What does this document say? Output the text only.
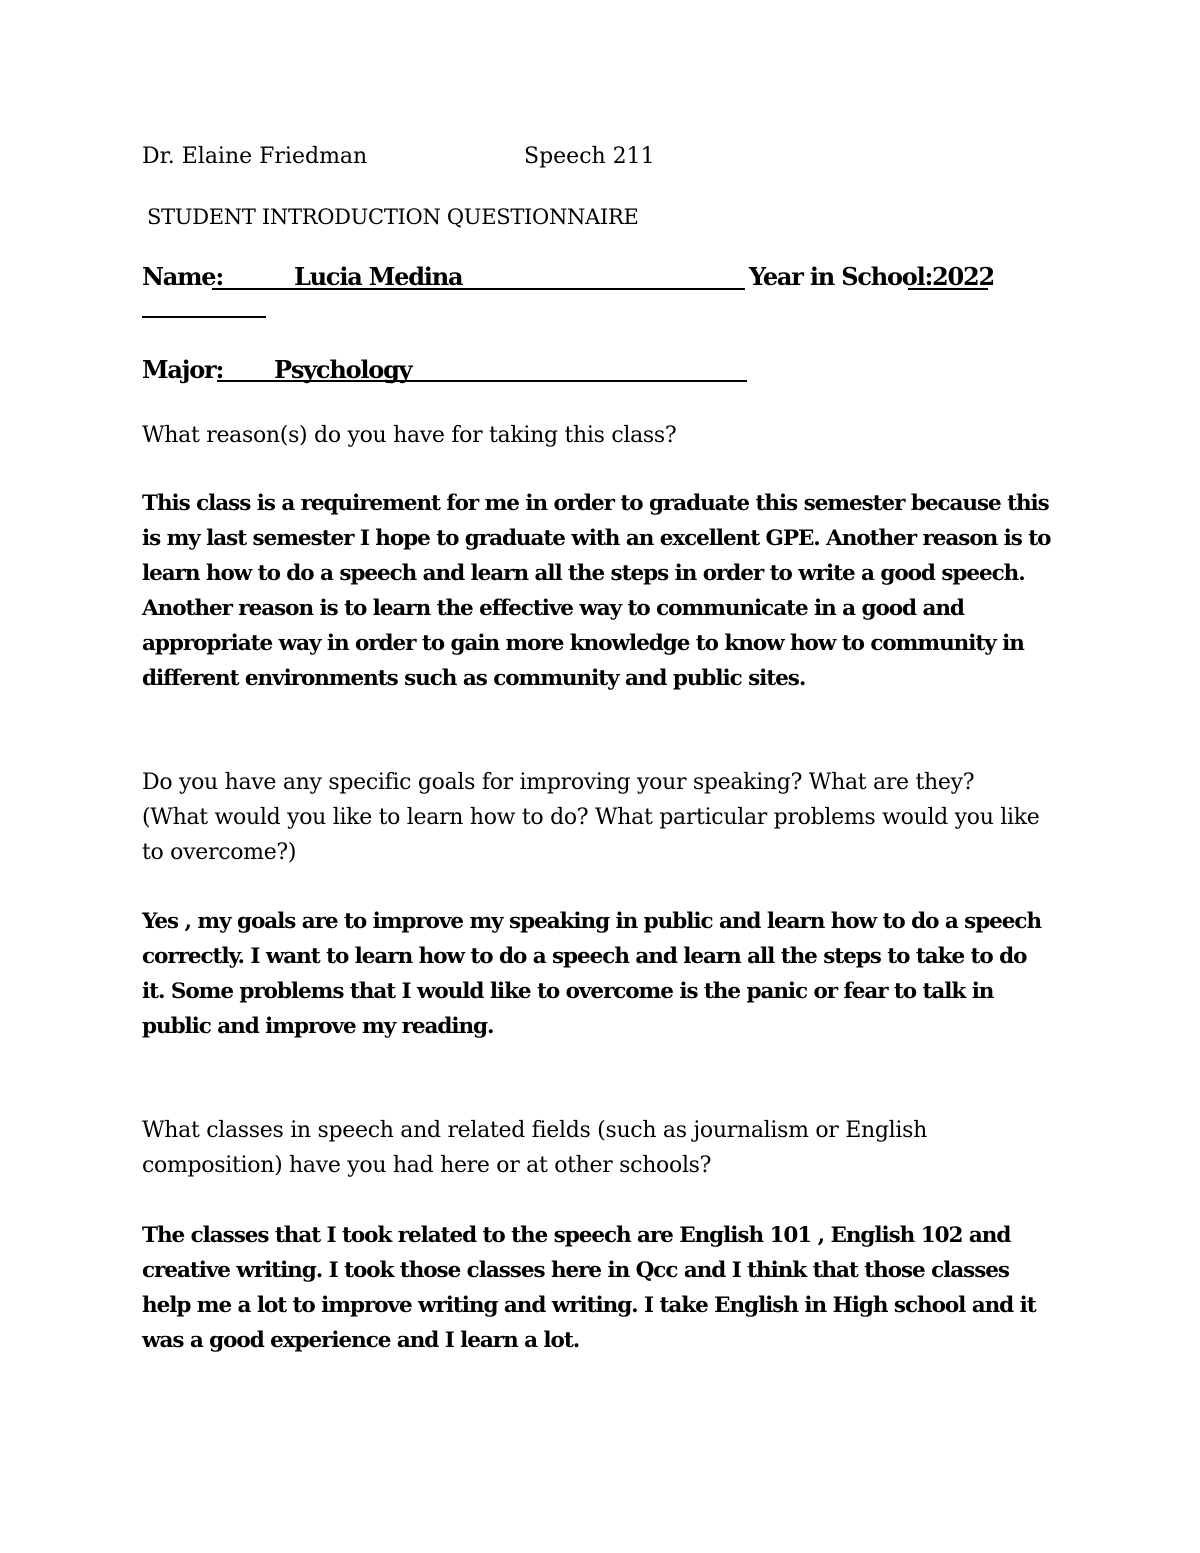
Dr. Elaine Friedman	Speech 211
STUDENT INTRODUCTION QUESTIONNAIRE
Name:	Lucia Medina	Year in School: 2022
Major: Psychology
What reason(s) do you have for taking this class?
This class is a requirement for me in order to graduate this semester because this is my last semester I hope to graduate with an excellent GPE. Another reason is to learn how to do a speech and learn all the steps in order to write a good speech. Another reason is to learn the effective way to communicate in a good and appropriate way in order to gain more knowledge to know how to community in different environments such as community and public sites.
Do you have any specific goals for improving your speaking? What are they? (What would you like to learn how to do? What particular problems would you like to overcome?)
Yes , my goals are to improve my speaking in public and learn how to do a speech correctly. I want to learn how to do a speech and learn all the steps to take to do it. Some problems that I would like to overcome is the panic or fear to talk in public and improve my reading.
What classes in speech and related fields (such as journalism or English composition) have you had here or at other schools?
The classes that I took related to the speech are English 101 , English 102 and creative writing. I took those classes here in Qcc and I think that those classes help me a lot to improve writing and writing. I take English in High school and it was a good experience and I learn a lot.
